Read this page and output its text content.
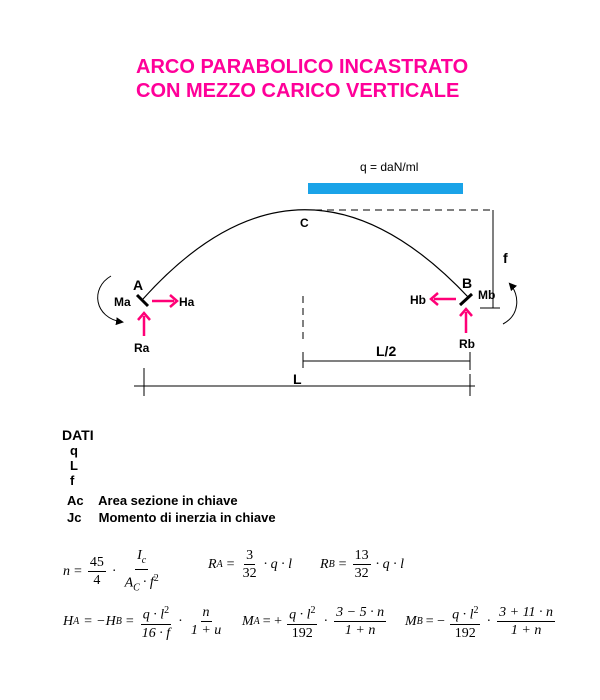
ARCO PARABOLICO INCASTRATO
CON MEZZO CARICO VERTICALE
q = daN/ml
f
C
A
Ma	Ha
Ra
B
Mb
Hb
Rb
L/2
L
DATI
q
L
f
Ac Area sezione in chiave
Jc Momento di inerzia in chiave
$n = \frac{45}{4} \cdot \frac{I_c}{A_C \cdot f^2}$	R $A = \frac{3}{32} \cdot q \cdot l$ R $B = \frac{13}{32} \cdot q \cdot l$
H A = −H $B = \frac{q \cdot l^2}{16 \cdot f} \cdot \frac{n}{1 + u}$ M A = + $\frac{q \cdot l^2}{192} \cdot \frac{3 - 5 \cdot n}{1 + n}$ M B = − $\frac{q \cdot l^2}{192} \cdot \frac{3 + 11 \cdot n}{1 + n}$
